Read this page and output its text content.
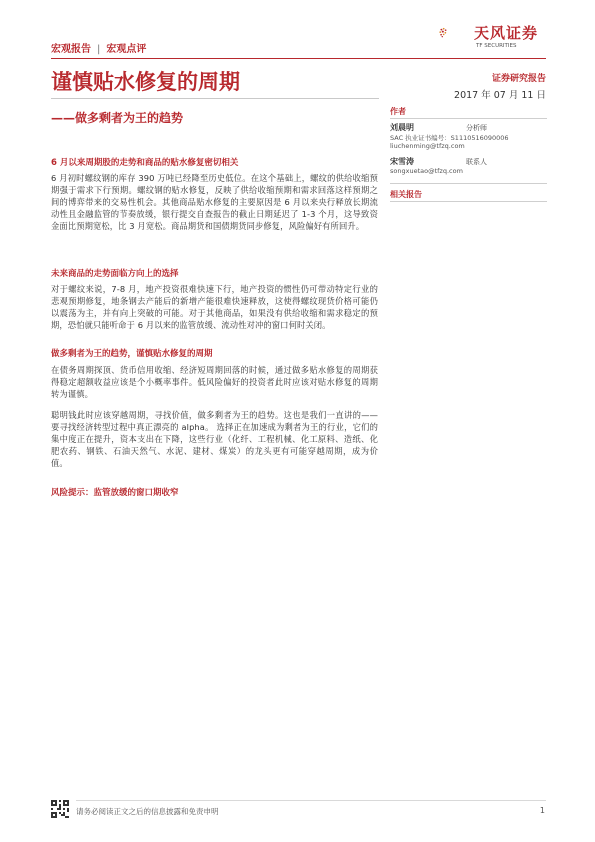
宏观报告 | 宏观点评
天风证券
TF SECURITIES
谨慎贴水修复的周期
——做多剩者为王的趋势
证券研究报告
2017 年 07 月 11 日
作者
刘晨明	分析师
SAC 执业证书编号：S1110516090006
liuchenming@tfzq.com
宋雪涛	联系人
songxuetao@tfzq.com
相关报告
6 月以来周期股的走势和商品的贴水修复密切相关
6 月初时螺纹钢的库存 390 万吨已经降至历史低位。在这个基础上，螺纹的供给收缩预期强于需求下行预期。螺纹钢的贴水修复，反映了供给收缩预期和需求回落这样预期之间的博弈带来的交易性机会。其他商品贴水修复的主要原因是 6 月以来央行释放长期流动性且金融监管的节奏放缓，银行提交自查报告的截止日期延迟了 1-3 个月，这导致资金面比预期宽松，比 3 月宽松。商品期货和国债期货同步修复，风险偏好有所回升。
未来商品的走势面临方向上的选择
对于螺纹来说，7-8 月，地产投资很难快速下行，地产投资的惯性仍可带动特定行业的悲观预期修复，地条钢去产能后的新增产能很难快速释放，这使得螺纹现货价格可能仍以震荡为主，并有向上突破的可能。对于其他商品，如果没有供给收缩和需求稳定的预期，恐怕就只能听命于 6 月以来的监管放缓、流动性对冲的窗口何时关闭。
做多剩者为王的趋势，谨慎贴水修复的周期
在债务周期探顶、货币信用收缩、经济短周期回落的时候，通过做多贴水修复的周期获得稳定超额收益应该是个小概率事件。低风险偏好的投资者此时应该对贴水修复的周期转为谨慎。
聪明钱此时应该穿越周期，寻找价值，做多剩者为王的趋势。这也是我们一直讲的——要寻找经济转型过程中真正漂亮的 alpha。 选择正在加速成为剩者为王的行业，它们的集中度正在提升，资本支出在下降，这些行业（化纤、工程机械、化工原料、造纸、化肥农药、钢铁、石油天然气、水泥、建材、煤炭）的龙头更有可能穿越周期，成为价值。
风险提示：监管放缓的窗口期收窄
请务必阅读正文之后的信息披露和免责申明	1
